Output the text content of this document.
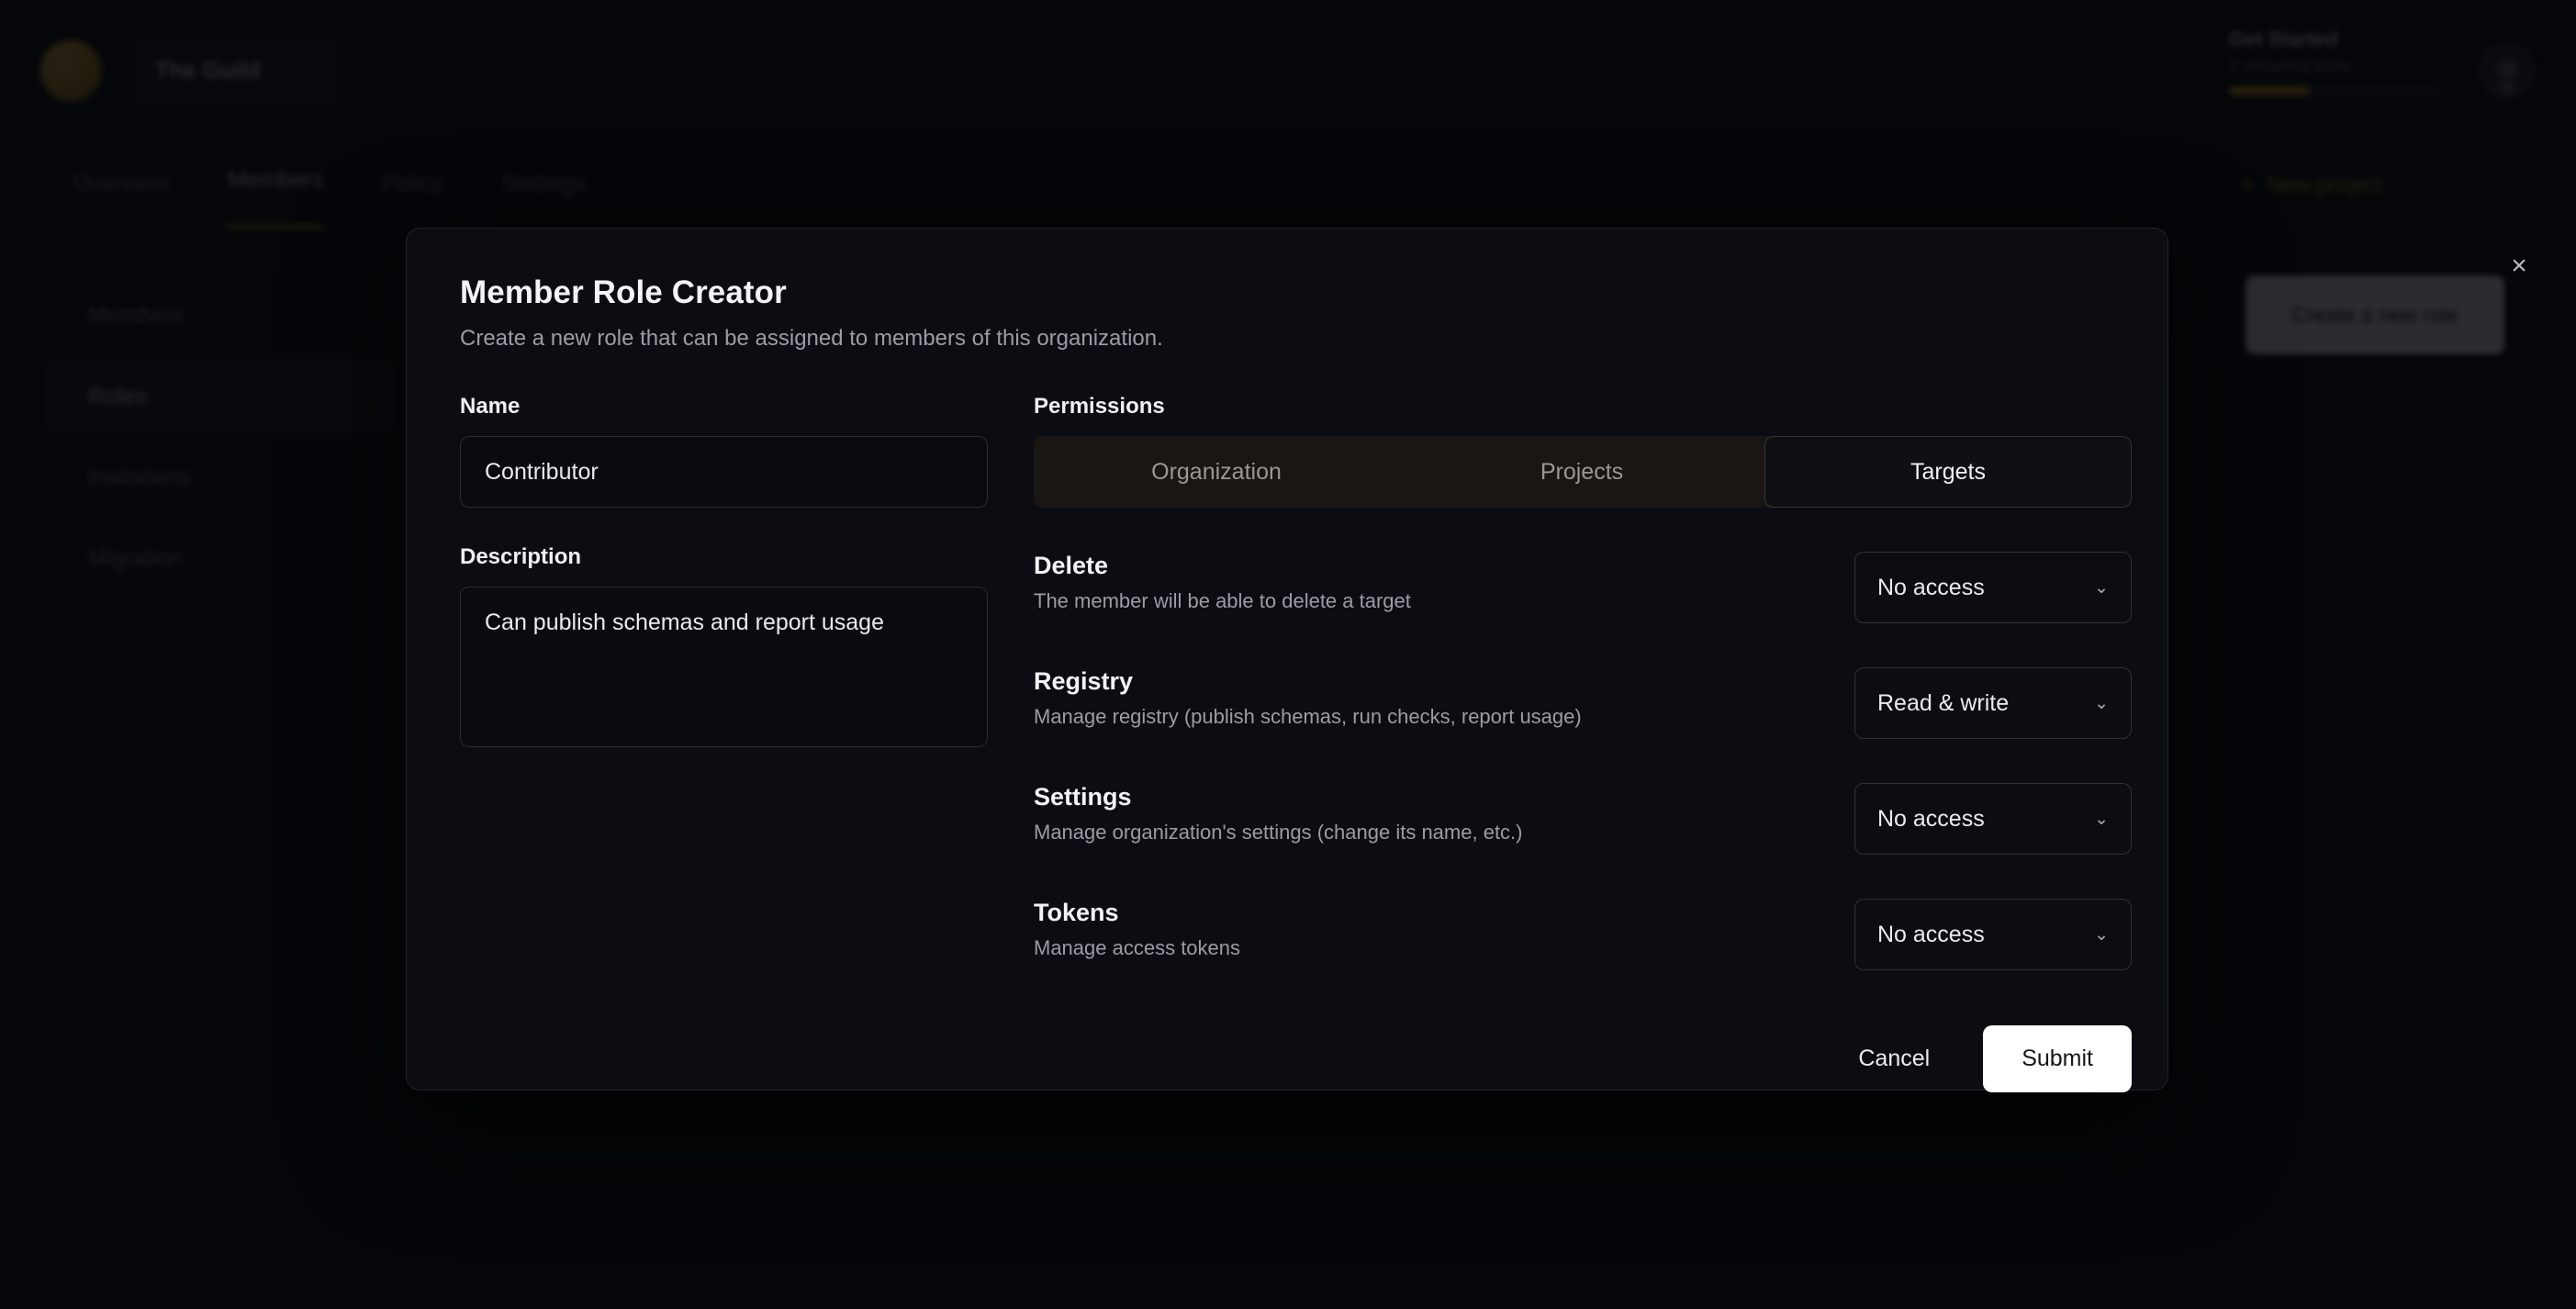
Member Role Creator
Create a new role that can be assigned to members of this organization.
Name
Contributor
Description
Can publish schemas and report usage
Permissions
Organization	Projects	Targets
Delete
The member will be able to delete a target
No access	⌄
Registry
Manage registry (publish schemas, run checks, report usage)
Read & write	⌄
Settings
Manage organization's settings (change its name, etc.)
No access	⌄
Tokens
Manage access tokens
No access	⌄
Cancel	Submit
×
